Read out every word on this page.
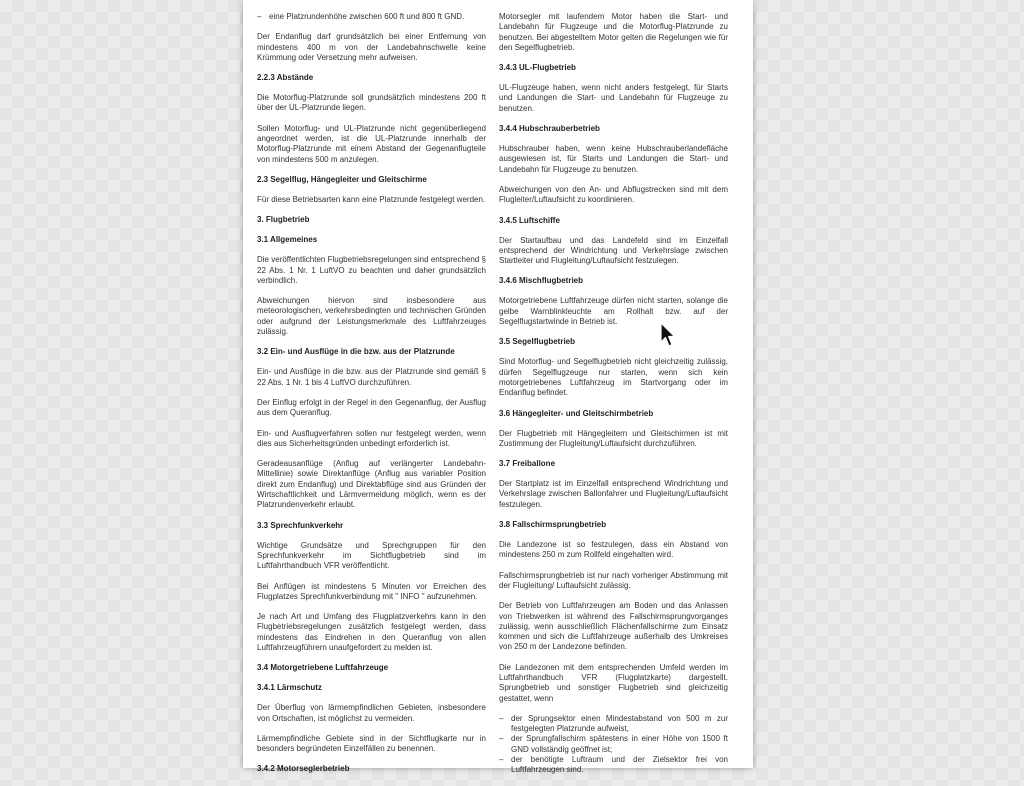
– eine Platzrundenhöhe zwischen 600 ft und 800 ft GND.

Der Endanflug darf grundsätzlich bei einer Entfernung von mindestens 400 m von der Landebahnschwelle keine Krümmung oder Versetzung mehr aufweisen.

2.2.3 Abstände

Die Motorflug-Platzrunde soll grundsätzlich mindestens 200 ft über der UL-Platzrunde liegen.

Sollen Motorflug- und UL-Platzrunde nicht gegenüberliegend angeordnet werden, ist die UL-Platzrunde innerhalb der Motorflug-Platzrunde mit einem Abstand der Gegenanflugteile von mindestens 500 m anzulegen.

2.3 Segelflug, Hängegleiter und Gleitschirme

Für diese Betriebsarten kann eine Platzrunde festgelegt werden.

3. Flugbetrieb
3.1 Allgemeines

Die veröffentlichten Flugbetriebsregelungen sind entsprechend § 22 Abs. 1 Nr. 1 LuftVO zu beachten und daher grundsätzlich verbindlich.

Abweichungen hiervon sind insbesondere aus meteorologischen, verkehrsbedingten und technischen Gründen oder aufgrund der Leistungsmerkmale des Luftfahrzeuges zulässig.

3.2 Ein- und Ausflüge in die bzw. aus der Platzrunde

Ein- und Ausflüge in die bzw. aus der Platzrunde sind gemäß § 22 Abs. 1 Nr. 1 bis 4 LuftVO durchzuführen.

Der Einflug erfolgt in der Regel in den Gegenanflug, der Ausflug aus dem Queranflug.

Ein- und Ausflugverfahren sollen nur festgelegt werden, wenn dies aus Sicherheitsgründen unbedingt erforderlich ist.

Geradeausanflüge (Anflug auf verlängerter Landebahn-Mittellinie) sowie Direktanflüge (Anflug aus variabler Position direkt zum Endanflug) und Direktabflüge sind aus Gründen der Wirtschaftlichkeit und Lärmvermeidung möglich, wenn es der Platzrundenverkehr erlaubt.

3.3 Sprechfunkverkehr

Wichtige Grundsätze und Sprechgruppen für den Sprechfunkverkehr im Sichtflugbetrieb sind im Luftfahrthandbuch VFR veröffentlicht.

Bei Anflügen ist mindestens 5 Minuten vor Erreichen des Flugplatzes Sprechfunkverbindung mit " INFO " aufzunehmen.

Je nach Art und Umfang des Flugplatzverkehrs kann in den Flugbetriebsregelungen zusätzlich festgelegt werden, dass mindestens das Eindrehen in den Queranflug von allen Luftfahrzeugführern unaufgefordert zu melden ist.

3.4 Motorgetriebene Luftfahrzeuge
3.4.1 Lärmschutz

Der Überflug von lärmempfindlichen Gebieten, insbesondere von Ortschaften, ist möglichst zu vermeiden.

Lärmempfindliche Gebiete sind in der Sichtflugkarte nur in besonders begründeten Einzelfällen zu benennen.

3.4.2 Motorseglerbetrieb

Motorsegler mit laufendem Motor haben die Start- und Landebahn für Flugzeuge und die Motorflug-Platzrunde zu benutzen. Bei abgestelltem Motor gelten die Regelungen wie für den Segelflugbetrieb.

3.4.3 UL-Flugbetrieb

UL-Flugzeuge haben, wenn nicht anders festgelegt, für Starts und Landungen die Start- und Landebahn für Flugzeuge zu benutzen.

3.4.4 Hubschrauberbetrieb

Hubschrauber haben, wenn keine Hubschrauberlandefläche ausgewiesen ist, für Starts und Landungen die Start- und Landebahn für Flugzeuge zu benutzen.

Abweichungen von den An- und Abflugstrecken sind mit dem Flugleiter/Luftaufsicht zu koordinieren.

3.4.5 Luftschiffe

Der Startaufbau und das Landefeld sind im Einzelfall entsprechend der Windrichtung und Verkehrslage zwischen Startleiter und Flugleitung/Luftaufsicht festzulegen.

3.4.6 Mischflugbetrieb

Motorgetriebene Luftfahrzeuge dürfen nicht starten, solange die gelbe Warnblinkleuchte am Rollhalt bzw. auf der Segelflugstartwinde in Betrieb ist.

3.5 Segelflugbetrieb

Sind Motorflug- und Segelflugbetrieb nicht gleichzeitig zulässig, dürfen Segelflugzeuge nur starten, wenn sich kein motorgetriebenes Luftfahrzeug im Startvorgang oder im Endanflug befindet.

3.6 Hängegleiter- und Gleitschirmbetrieb

Der Flugbetrieb mit Hängegleitern und Gleitschirmen ist mit Zustimmung der Flugleitung/Luftaufsicht durchzuführen.

3.7 Freiballone

Der Startplatz ist im Einzelfall entsprechend Windrichtung und Verkehrslage zwischen Ballonfahrer und Flugleitung/Luftaufsicht festzulegen.

3.8 Fallschirmsprungbetrieb

Die Landezone ist so festzulegen, dass ein Abstand von mindestens 250 m zum Rollfeld eingehalten wird.

Fallschirmsprungbetrieb ist nur nach vorheriger Abstimmung mit der Flugleitung/ Luftaufsicht zulässig.

Der Betrieb von Luftfahrzeugen am Boden und das Anlassen von Triebwerken ist während des Fallschirmsprungvorganges zulässig, wenn ausschließlich Flächenfallschirme zum Einsatz kommen und sich die Luftfahrzeuge außerhalb des Umkreises von 250 m der Landezone befinden.

Die Landezonen mit dem entsprechenden Umfeld werden im Luftfahrthandbuch VFR (Flugplatzkarte) dargestellt. Sprungbetrieb und sonstiger Flugbetrieb sind gleichzeitig gestattet, wenn

– der Sprungsektor einen Mindestabstand von 500 m zur festgelegten Platzrunde aufweist,
– der Sprungfallschirm spätestens in einer Höhe von 1500 ft GND vollständig geöffnet ist;
– der benötigte Luftraum und der Zielsektor frei von Luftfahrzeugen sind.
